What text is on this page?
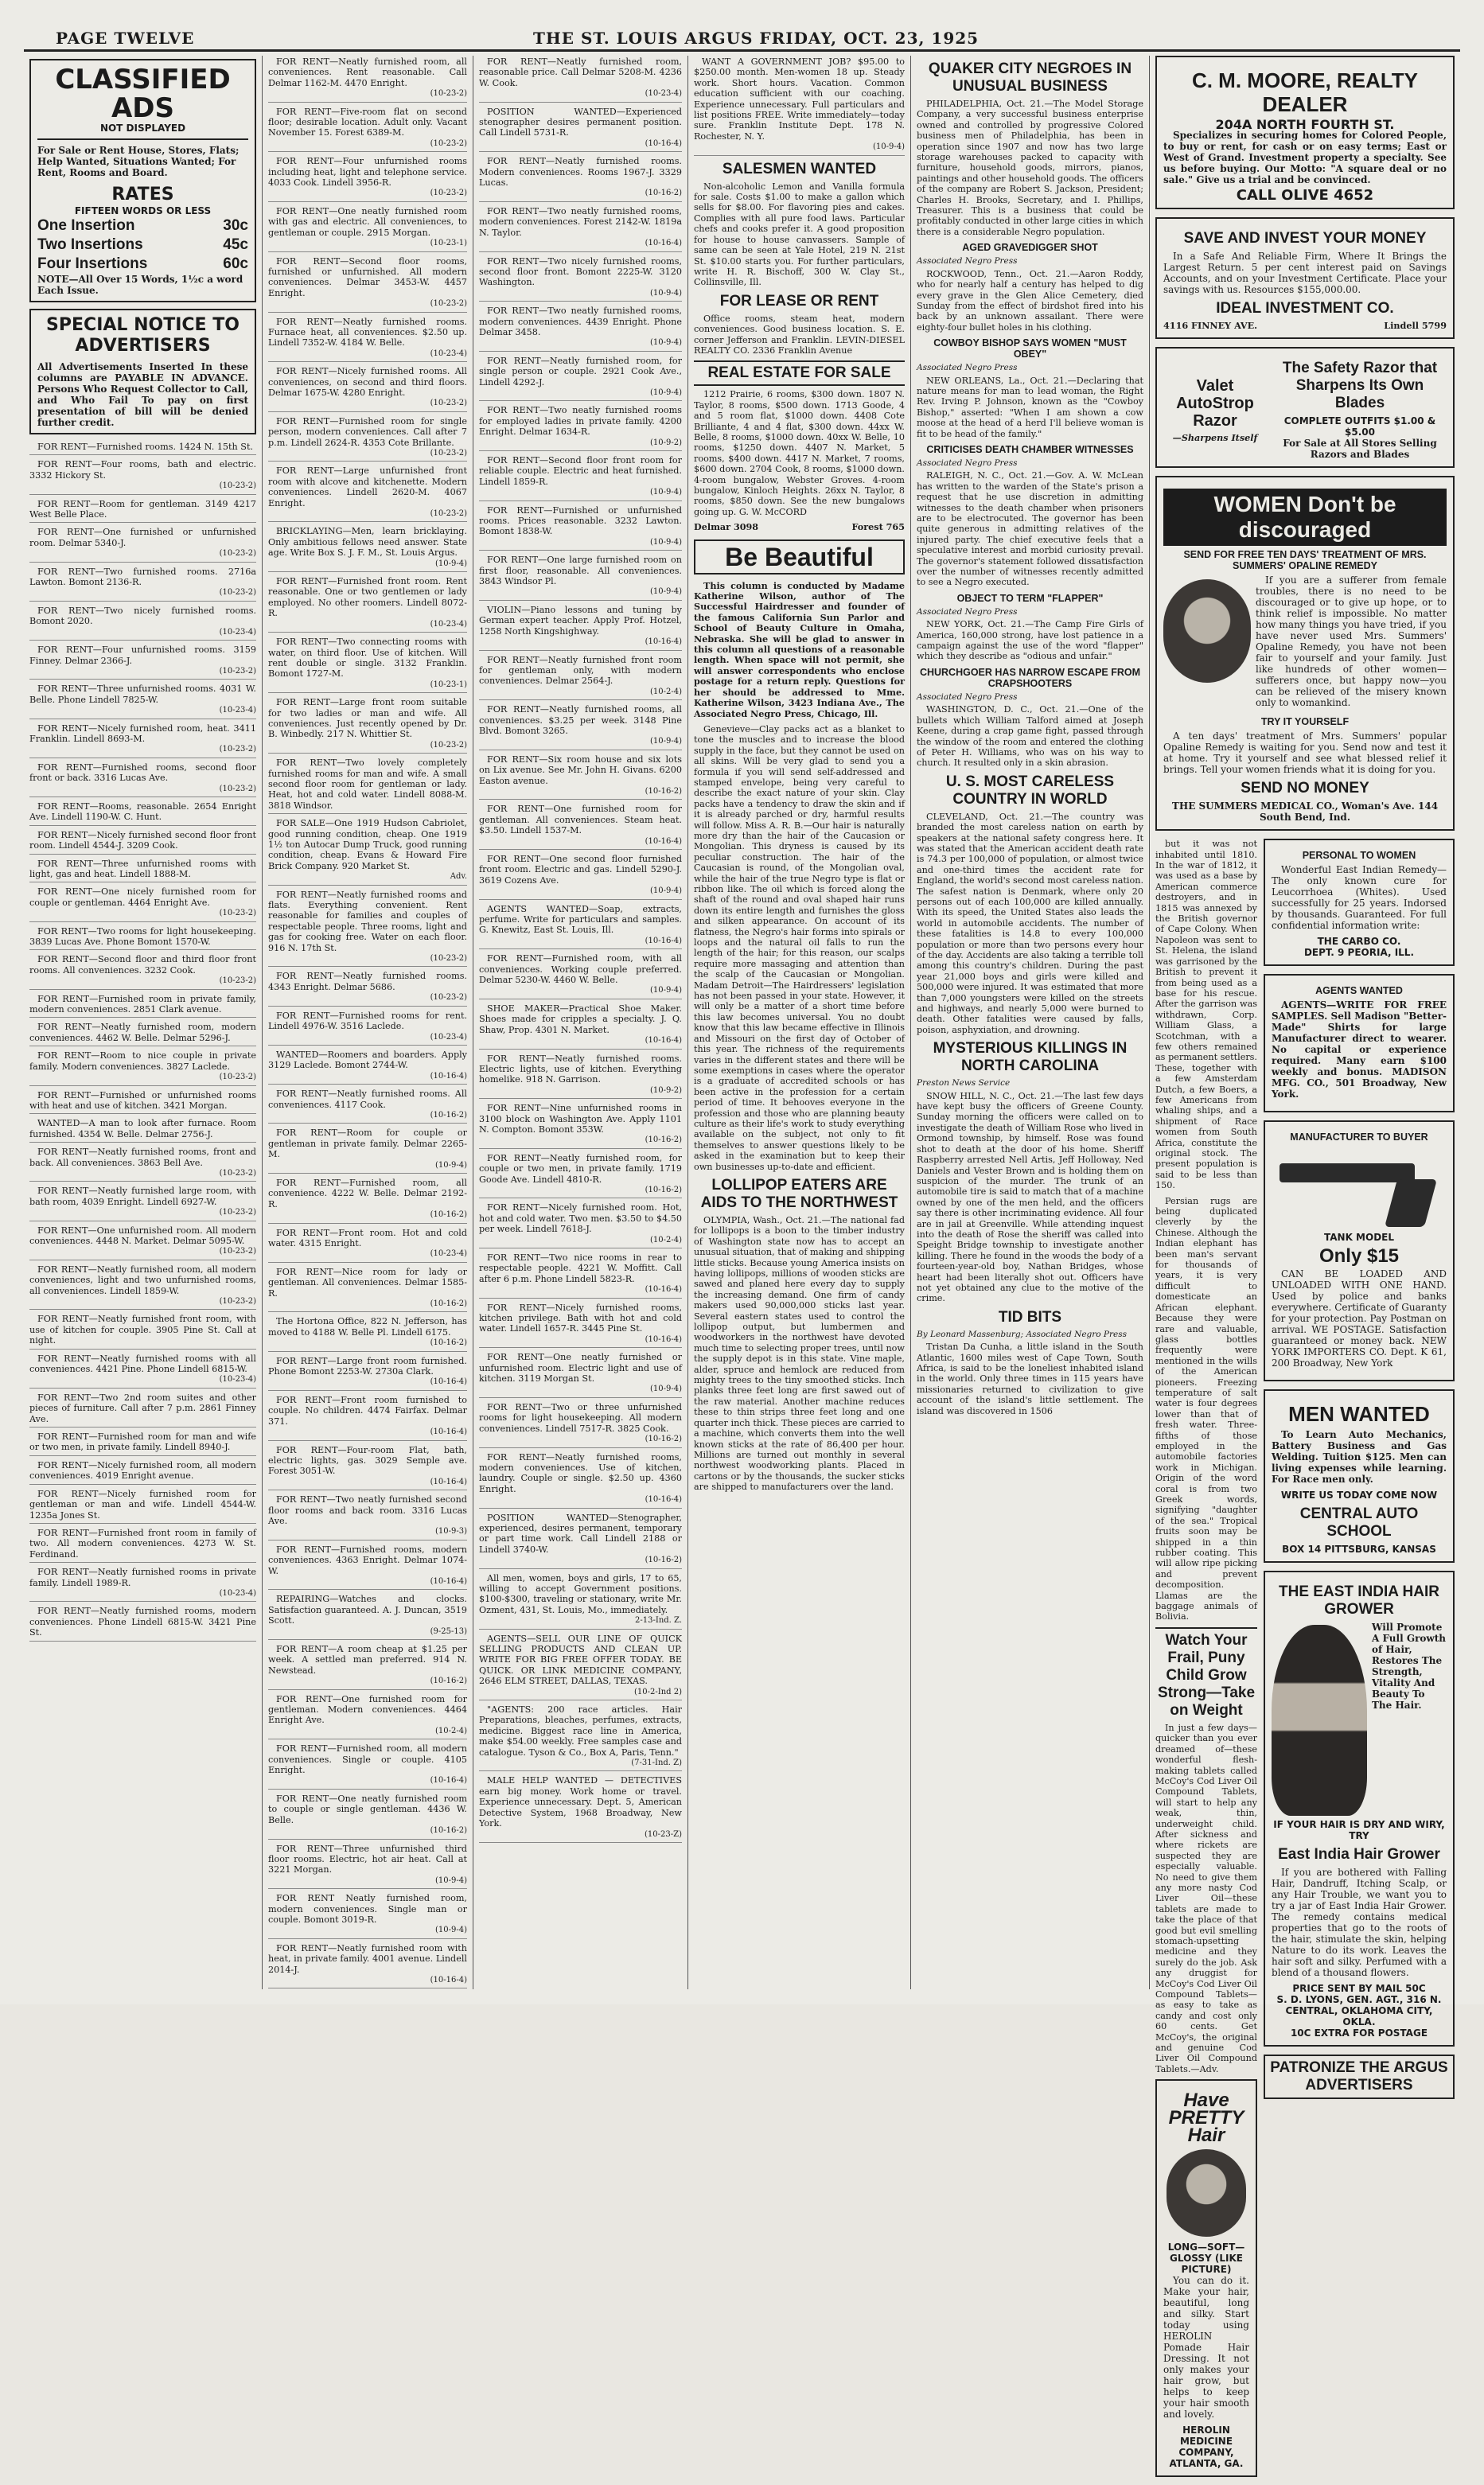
PAGE TWELVE	THE ST. LOUIS ARGUS FRIDAY, OCT. 23, 1925
CLASSIFIED ADS
NOT DISPLAYED
For Sale or Rent House, Stores, Flats; Help Wanted, Situations Wanted; For Rent, Rooms and Board.
RATES
FIFTEEN WORDS OR LESS
One Insertion	30c
Two Insertions	45c
Four Insertions	60c
NOTE—All Over 15 Words, 1½c a word Each Issue.
SPECIAL NOTICE TO ADVERTISERS
All Advertisements Inserted In these columns are PAYABLE IN ADVANCE. Persons Who Request Collector to Call, and Who Fail To pay on first presentation of bill will be denied further credit.
FOR RENT—Furnished rooms. 1424 N. 15th St.
FOR RENT—Four rooms, bath and electric. 3332 Hickory St.
(10-23-2)
FOR RENT—Room for gentleman. 3149 4217 West Belle Place.
FOR RENT—One furnished or unfurnished room. Delmar 5340-J.
(10-23-2)
FOR RENT—Two furnished rooms. 2716a Lawton. Bomont 2136-R.
(10-23-2)
FOR RENT—Two nicely furnished rooms. Bomont 2020.
(10-23-4)
FOR RENT—Four unfurnished rooms. 3159 Finney. Delmar 2366-J.
(10-23-2)
FOR RENT—Three unfurnished rooms. 4031 W. Belle. Phone Lindell 7825-W.
(10-23-4)
FOR RENT—Nicely furnished room, heat. 3411 Franklin. Lindell 8693-M.
(10-23-2)
FOR RENT—Furnished rooms, second floor front or back. 3316 Lucas Ave.
(10-23-2)
FOR RENT—Rooms, reasonable. 2654 Enright Ave. Lindell 1190-W. C. Hunt.
FOR RENT—Nicely furnished second floor front room. Lindell 4544-J. 3209 Cook.
FOR RENT—Three unfurnished rooms with light, gas and heat. Lindell 1888-M.
FOR RENT—One nicely furnished room for couple or gentleman. 4464 Enright Ave.
(10-23-2)
FOR RENT—Two rooms for light housekeeping. 3839 Lucas Ave. Phone Bomont 1570-W.
FOR RENT—Second floor and third floor front rooms. All conveniences. 3232 Cook.
(10-23-2)
FOR RENT—Furnished room in private family, modern conveniences. 2851 Clark avenue.
FOR RENT—Neatly furnished room, modern conveniences. 4462 W. Belle. Delmar 5296-J.
FOR RENT—Room to nice couple in private family. Modern conveniences. 3827 Laclede.
(10-23-2)
FOR RENT—Furnished or unfurnished rooms with heat and use of kitchen. 3421 Morgan.
WANTED—A man to look after furnace. Room furnished. 4354 W. Belle. Delmar 2756-J.
FOR RENT—Neatly furnished rooms, front and back. All conveniences. 3863 Bell Ave.
(10-23-2)
FOR RENT—Neatly furnished large room, with bath room, 4039 Enright. Lindell 6927-W.
(10-23-2)
FOR RENT—One unfurnished room. All modern conveniences. 4448 N. Market. Delmar 5095-W.
(10-23-2)
FOR RENT—Neatly furnished room, all modern conveniences, light and two unfurnished rooms, all conveniences. Lindell 1859-W.
(10-23-2)
FOR RENT—Neatly furnished front room, with use of kitchen for couple. 3905 Pine St. Call at night.
FOR RENT—Neatly furnished rooms with all conveniences. 4421 Pine. Phone Lindell 6815-W.
(10-23-4)
FOR RENT—Two 2nd room suites and other pieces of furniture. Call after 7 p.m. 2861 Finney Ave.
FOR RENT—Furnished room for man and wife or two men, in private family. Lindell 8940-J.
FOR RENT—Nicely furnished room, all modern conveniences. 4019 Enright avenue.
FOR RENT—Nicely furnished room for gentleman or man and wife. Lindell 4544-W. 1235a Jones St.
FOR RENT—Furnished front room in family of two. All modern conveniences. 4273 W. St. Ferdinand.
FOR RENT—Neatly furnished rooms in private family. Lindell 1989-R.
(10-23-4)
FOR RENT—Neatly furnished rooms, modern conveniences. Phone Lindell 6815-W. 3421 Pine St.
FOR RENT—Neatly furnished room, all conveniences. Rent reasonable. Call Delmar 1162-M. 4470 Enright.
(10-23-2)
FOR RENT—Five-room flat on second floor; desirable location. Adult only. Vacant November 15. Forest 6389-M.
(10-23-2)
FOR RENT—Four unfurnished rooms including heat, light and telephone service. 4033 Cook. Lindell 3956-R.
(10-23-2)
FOR RENT—One neatly furnished room with gas and electric. All conveniences, to gentleman or couple. 2915 Morgan.
(10-23-1)
FOR RENT—Second floor rooms, furnished or unfurnished. All modern conveniences. Delmar 3453-W. 4457 Enright.
(10-23-2)
FOR RENT—Neatly furnished rooms. Furnace heat, all conveniences. $2.50 up. Lindell 7352-W. 4184 W. Belle.
(10-23-4)
FOR RENT—Nicely furnished rooms. All conveniences, on second and third floors. Delmar 1675-W. 4280 Enright.
(10-23-2)
FOR RENT—Furnished room for single person, modern conveniences. Call after 7 p.m. Lindell 2624-R. 4353 Cote Brillante.
(10-23-2)
FOR RENT—Large unfurnished front room with alcove and kitchenette. Modern conveniences. Lindell 2620-M. 4067 Enright.
(10-23-2)
BRICKLAYING—Men, learn bricklaying. Only ambitious fellows need answer. State age. Write Box S. J. F. M., St. Louis Argus.
(10-9-4)
FOR RENT—Furnished front room. Rent reasonable. One or two gentlemen or lady employed. No other roomers. Lindell 8072-R.
(10-23-4)
FOR RENT—Two connecting rooms with water, on third floor. Use of kitchen. Will rent double or single. 3132 Franklin. Bomont 1727-M.
(10-23-1)
FOR RENT—Large front room suitable for two ladies or man and wife. All conveniences. Just recently opened by Dr. B. Winbedly. 217 N. Whittier St.
(10-23-2)
FOR RENT—Two lovely completely furnished rooms for man and wife. A small second floor room for gentleman or lady. Heat, hot and cold water. Lindell 8088-M. 3818 Windsor.
FOR SALE—One 1919 Hudson Cabriolet, good running condition, cheap. One 1919 1½ ton Autocar Dump Truck, good running condition, cheap. Evans & Howard Fire Brick Company. 920 Market St.
Adv.
FOR RENT—Neatly furnished rooms and flats. Everything convenient. Rent reasonable for families and couples of respectable people. Three rooms, light and gas for cooking free. Water on each floor. 916 N. 17th St.
(10-23-2)
FOR RENT—Neatly furnished rooms. 4343 Enright. Delmar 5686.
(10-23-2)
FOR RENT—Furnished rooms for rent. Lindell 4976-W. 3516 Laclede.
(10-23-4)
WANTED—Roomers and boarders. Apply 3129 Laclede. Bomont 2744-W.
(10-16-4)
FOR RENT—Neatly furnished rooms. All conveniences. 4117 Cook.
(10-16-2)
FOR RENT—Room for couple or gentleman in private family. Delmar 2265-M.
(10-9-4)
FOR RENT—Furnished room, all convenience. 4222 W. Belle. Delmar 2192-R.
(10-16-2)
FOR RENT—Front room. Hot and cold water. 4315 Enright.
(10-23-4)
FOR RENT—Nice room for lady or gentleman. All conveniences. Delmar 1585-R.
(10-16-2)
The Hortona Office, 822 N. Jefferson, has moved to 4188 W. Belle Pl. Lindell 6175.
(10-16-2)
FOR RENT—Large front room furnished. Phone Bomont 2253-W. 2730a Clark.
(10-16-4)
FOR RENT—Front room furnished to couple. No children. 4474 Fairfax. Delmar 371.
(10-16-4)
FOR RENT—Four-room Flat, bath, electric lights, gas. 3029 Semple ave. Forest 3051-W.
(10-16-4)
FOR RENT—Two neatly furnished second floor rooms and back room. 3316 Lucas Ave.
(10-9-3)
FOR RENT—Furnished rooms, modern conveniences. 4363 Enright. Delmar 1074-W.
(10-16-4)
REPAIRING—Watches and clocks. Satisfaction guaranteed. A. J. Duncan, 3519 Scott.
(9-25-13)
FOR RENT—A room cheap at $1.25 per week. A settled man preferred. 914 N. Newstead.
(10-16-2)
FOR RENT—One furnished room for gentleman. Modern conveniences. 4464 Enright Ave.
(10-2-4)
FOR RENT—Furnished room, all modern conveniences. Single or couple. 4105 Enright.
(10-16-4)
FOR RENT—One neatly furnished room to couple or single gentleman. 4436 W. Belle.
(10-16-2)
FOR RENT—Three unfurnished third floor rooms. Electric, hot air heat. Call at 3221 Morgan.
(10-9-4)
FOR RENT Neatly furnished room, modern conveniences. Single man or couple. Bomont 3019-R.
(10-9-4)
FOR RENT—Neatly furnished room with heat, in private family. 4001 avenue. Lindell 2014-J.
(10-16-4)
FOR RENT—Neatly furnished room, reasonable price. Call Delmar 5208-M. 4236 W. Cook.
(10-23-4)
POSITION WANTED—Experienced stenographer desires permanent position. Call Lindell 5731-R.
(10-16-4)
FOR RENT—Neatly furnished rooms. Modern conveniences. Rooms 1967-J. 3329 Lucas.
(10-16-2)
FOR RENT—Two neatly furnished rooms, modern conveniences. Forest 2142-W. 1819a N. Taylor.
(10-16-4)
FOR RENT—Two nicely furnished rooms, second floor front. Bomont 2225-W. 3120 Washington.
(10-9-4)
FOR RENT—Two neatly furnished rooms, modern conveniences. 4439 Enright. Phone Delmar 3458.
(10-9-4)
FOR RENT—Neatly furnished room, for single person or couple. 2921 Cook Ave., Lindell 4292-J.
(10-9-4)
FOR RENT—Two neatly furnished rooms for employed ladies in private family. 4200 Enright. Delmar 1634-R.
(10-9-2)
FOR RENT—Second floor front room for reliable couple. Electric and heat furnished. Lindell 1859-R.
(10-9-4)
FOR RENT—Furnished or unfurnished rooms. Prices reasonable. 3232 Lawton. Bomont 1838-W.
(10-9-4)
FOR RENT—One large furnished room on first floor, reasonable. All conveniences. 3843 Windsor Pl.
(10-9-4)
VIOLIN—Piano lessons and tuning by German expert teacher. Apply Prof. Hotzel, 1258 North Kingshighway.
(10-16-4)
FOR RENT—Neatly furnished front room for gentleman only, with modern conveniences. Delmar 2564-J.
(10-2-4)
FOR RENT—Neatly furnished rooms, all conveniences. $3.25 per week. 3148 Pine Blvd. Bomont 3265.
(10-9-4)
FOR RENT—Six room house and six lots on Lix avenue. See Mr. John H. Givans. 6200 Easton avenue.
(10-16-2)
FOR RENT—One furnished room for gentleman. All conveniences. Steam heat. $3.50. Lindell 1537-M.
(10-16-4)
FOR RENT—One second floor furnished front room. Electric and gas. Lindell 5290-J. 3619 Cozens Ave.
(10-9-4)
AGENTS WANTED—Soap, extracts, perfume. Write for particulars and samples. G. Knewitz, East St. Louis, Ill.
(10-16-4)
FOR RENT—Furnished room, with all conveniences. Working couple preferred. Delmar 5230-W. 4460 W. Belle.
(10-9-4)
SHOE MAKER—Practical Shoe Maker. Shoes made for cripples a specialty. J. Q. Shaw, Prop. 4301 N. Market.
(10-16-4)
FOR RENT—Neatly furnished rooms. Electric lights, use of kitchen. Everything homelike. 918 N. Garrison.
(10-9-2)
FOR RENT—Nine unfurnished rooms in 3100 block on Washington Ave. Apply 1101 N. Compton. Bomont 353W.
(10-16-2)
FOR RENT—Neatly furnished room, for couple or two men, in private family. 1719 Goode Ave. Lindell 4810-R.
(10-16-2)
FOR RENT—Nicely furnished room. Hot, hot and cold water. Two men. $3.50 to $4.50 per week. Lindell 7618-J.
(10-2-4)
FOR RENT—Two nice rooms in rear to respectable people. 4221 W. Moffitt. Call after 6 p.m. Phone Lindell 5823-R.
(10-16-4)
FOR RENT—Nicely furnished rooms, kitchen privilege. Bath with hot and cold water. Lindell 1657-R. 3445 Pine St.
(10-16-4)
FOR RENT—One neatly furnished or unfurnished room. Electric light and use of kitchen. 3119 Morgan St.
(10-9-4)
FOR RENT—Two or three unfurnished rooms for light housekeeping. All modern conveniences. Lindell 7517-R. 3825 Cook.
(10-16-2)
FOR RENT—Neatly furnished rooms, modern conveniences. Use of kitchen, laundry. Couple or single. $2.50 up. 4360 Enright.
(10-16-4)
POSITION WANTED—Stenographer, experienced, desires permanent, temporary or part time work. Call Lindell 2188 or Lindell 3740-W.
(10-16-2)
All men, women, boys and girls, 17 to 65, willing to accept Government positions. $100-$300, traveling or stationary, write Mr. Ozment, 431, St. Louis, Mo., immediately.
2-13-Ind. Z.
AGENTS—SELL OUR LINE OF QUICK SELLING PRODUCTS AND CLEAN UP. WRITE FOR BIG FREE OFFER TODAY. BE QUICK. OR LINK MEDICINE COMPANY, 2646 ELM STREET, DALLAS, TEXAS.
(10-2-Ind 2)
"AGENTS: 200 race articles. Hair Preparations, bleaches, perfumes, extracts, medicine. Biggest race line in America, make $54.00 weekly. Free samples case and catalogue. Tyson & Co., Box A, Paris, Tenn."
(7-31-Ind. Z)
MALE HELP WANTED — DETECTIVES earn big money. Work home or travel. Experience unnecessary. Dept. 5, American Detective System, 1968 Broadway, New York.
(10-23-Z)
WANT A GOVERNMENT JOB? $95.00 to $250.00 month. Men-women 18 up. Steady work. Short hours. Vacation. Common education sufficient with our coaching. Experience unnecessary. Full particulars and list positions FREE. Write immediately—today sure. Franklin Institute Dept. 178 N. Rochester, N. Y.
(10-9-4)
SALESMEN WANTED

Non-alcoholic Lemon and Vanilla formula for sale. Costs $1.00 to make a gallon which sells for $8.00. For flavoring pies and cakes. Complies with all pure food laws. Particular chefs and cooks prefer it. A good proposition for house to house canvassers. Sample of same can be seen at Yale Hotel, 219 N. 21st St. $10.00 starts you. For further particulars, write H. R. Bischoff, 300 W. Clay St., Collinsville, Ill.

FOR LEASE OR RENT

Office rooms, steam heat, modern conveniences. Good business location. S. E. corner Jefferson and Franklin. LEVIN-DIESEL REALTY CO. 2336 Franklin Avenue

REAL ESTATE FOR SALE

1212 Prairie, 6 rooms, $300 down. 1807 N. Taylor, 8 rooms, $500 down. 1713 Goode, 4 and 5 room flat, $1000 down. 4408 Cote Brilliante, 4 and 4 flat, $300 down. 44xx W. Belle, 8 rooms, $1000 down. 40xx W. Belle, 10 rooms, $1250 down. 4407 N. Market, 5 rooms, $400 down. 4417 N. Market, 7 rooms, $600 down. 2704 Cook, 8 rooms, $1000 down. 4-room bungalow, Webster Groves. 4-room bungalow, Kinloch Heights. 26xx N. Taylor, 8 rooms, $850 down. See the new bungalows going up. G. W. McCORD

Delmar 3098	Forest 765
Be Beautiful

This column is conducted by Madame Katherine Wilson, author of The Successful Hairdresser and founder of the famous California Sun Parlor and School of Beauty Culture in Omaha, Nebraska. She will be glad to answer in this column all questions of a reasonable length. When space will not permit, she will answer correspondents who enclose postage for a return reply. Questions for her should be addressed to Mme. Katherine Wilson, 3423 Indiana Ave., The Associated Negro Press, Chicago, Ill.

Genevieve—Clay packs act as a blanket to tone the muscles and to increase the blood supply in the face, but they cannot be used on all skins. Will be very glad to send you a formula if you will send self-addressed and stamped envelope, being very careful to describe the exact nature of your skin. Clay packs have a tendency to draw the skin and if it is already parched or dry, harmful results will follow. Miss A. R. B.—Our hair is naturally more dry than the hair of the Caucasion or Mongolian. This dryness is caused by its peculiar construction. The hair of the Caucasian is round, of the Mongolian oval, while the hair of the true Negro type is flat or ribbon like. The oil which is forced along the shaft of the round and oval shaped hair runs down its entire length and furnishes the gloss and silken appearance. On account of its flatness, the Negro's hair forms into spirals or loops and the natural oil falls to run the length of the hair; for this reason, our scalps require more massaging and attention than the scalp of the Caucasian or Mongolian. Madam Detroit—The Hairdressers' legislation has not been passed in your state. However, it will only be a matter of a short time before this law becomes universal. You no doubt know that this law became effective in Illinois and Missouri on the first day of October of this year. The richness of the requirements varies in the different states and there will be some exemptions in cases where the operator is a graduate of accredited schools or has been active in the profession for a certain period of time. It behooves everyone in the profession and those who are planning beauty culture as their life's work to study everything available on the subject, not only to fit themselves to answer questions likely to be asked in the examination but to keep their own businesses up-to-date and efficient.

LOLLIPOP EATERS ARE AIDS TO THE NORTHWEST

OLYMPIA, Wash., Oct. 21.—The national fad for lollipops is a boon to the timber industry of Washington state now has to accept an unusual situation, that of making and shipping little sticks. Because young America insists on having lollipops, millions of wooden sticks are sawed and planed here every day to supply the increasing demand. One firm of candy makers used 90,000,000 sticks last year. Several eastern states used to control the lollipop output, but lumbermen and woodworkers in the northwest have devoted much time to selecting proper trees, until now the supply depot is in this state. Vine maple, alder, spruce and hemlock are reduced from mighty trees to the tiny smoothed sticks. Inch planks three feet long are first sawed out of the raw material. Another machine reduces these to thin strips three feet long and one quarter inch thick. These pieces are carried to a machine, which converts them into the well known sticks at the rate of 86,400 per hour. Millions are turned out monthly in several northwest woodworking plants. Placed in cartons or by the thousands, the sucker sticks are shipped to manufacturers over the land.

QUAKER CITY NEGROES IN UNUSUAL BUSINESS

PHILADELPHIA, Oct. 21.—The Model Storage Company, a very successful business enterprise owned and controlled by progressive Colored business men of Philadelphia, has been in operation since 1907 and now has two large storage warehouses packed to capacity with furniture, household goods, mirrors, pianos, paintings and other household goods. The officers of the company are Robert S. Jackson, President; Charles H. Brooks, Secretary, and I. Phillips, Treasurer. This is a business that could be profitably conducted in other large cities in which there is a considerable Negro population.

AGED GRAVEDIGGER SHOT
Associated Negro Press

ROCKWOOD, Tenn., Oct. 21.—Aaron Roddy, who for nearly half a century has helped to dig every grave in the Glen Alice Cemetery, died Sunday from the effect of birdshot fired into his back by an unknown assailant. There were eighty-four bullet holes in his clothing.

COWBOY BISHOP SAYS WOMEN "MUST OBEY"
Associated Negro Press

NEW ORLEANS, La., Oct. 21.—Declaring that nature means for man to lead woman, the Right Rev. Irving P. Johnson, known as the "Cowboy Bishop," asserted: "When I am shown a cow moose at the head of a herd I'll believe woman is fit to be head of the family."

CRITICISES DEATH CHAMBER WITNESSES
Associated Negro Press

RALEIGH, N. C., Oct. 21.—Gov. A. W. McLean has written to the warden of the State's prison a request that he use discretion in admitting witnesses to the death chamber when prisoners are to be electrocuted. The governor has been quite generous in admitting relatives of the injured party. The chief executive feels that a speculative interest and morbid curiosity prevail. The governor's statement followed dissatisfaction over the number of witnesses recently admitted to see a Negro executed.

OBJECT TO TERM "FLAPPER"
Associated Negro Press

NEW YORK, Oct. 21.—The Camp Fire Girls of America, 160,000 strong, have lost patience in a campaign against the use of the word "flapper" which they describe as "odious and unfair."

CHURCHGOER HAS NARROW ESCAPE FROM CRAPSHOOTERS
Associated Negro Press

WASHINGTON, D. C., Oct. 21.—One of the bullets which William Talford aimed at Joseph Keene, during a crap game fight, passed through the window of the room and entered the clothing of Peter H. Williams, who was on his way to church. It resulted only in a skin abrasion.

U. S. MOST CARELESS COUNTRY IN WORLD

CLEVELAND, Oct. 21.—The country was branded the most careless nation on earth by speakers at the national safety congress here. It was stated that the American accident death rate is 74.3 per 100,000 of population, or almost twice and one-third times the accident rate for England, the world's second most careless nation. The safest nation is Denmark, where only 20 persons out of each 100,000 are killed annually. With its speed, the United States also leads the world in automobile accidents. The number of these fatalities is 14.8 to every 100,000 population or more than two persons every hour of the day. Accidents are also taking a terrible toll among this country's children. During the past year 21,000 boys and girls were killed and 500,000 were injured. It was estimated that more than 7,000 youngsters were killed on the streets and highways, and nearly 5,000 were burned to death. Other fatalities were caused by falls, poison, asphyxiation, and drowning.

MYSTERIOUS KILLINGS IN NORTH CAROLINA
Preston News Service

SNOW HILL, N. C., Oct. 21.—The last few days have kept busy the officers of Greene County. Sunday morning the officers were called on to investigate the death of William Rose who lived in Ormond township, by himself. Rose was found shot to death at the door of his home. Sheriff Raspberry arrested Nell Artis, Jeff Holloway, Ned Daniels and Vester Brown and is holding them on suspicion of the murder. The trunk of an automobile tire is said to match that of a machine owned by one of the men held, and the officers say there is other incriminating evidence. All four are in jail at Greenville. While attending inquest into the death of Rose the sheriff was called into Speight Bridge township to investigate another killing. There he found in the woods the body of a fourteen-year-old boy, Nathan Bridges, whose heart had been literally shot out. Officers have not yet obtained any clue to the motive of the crime.

TID BITS
By Leonard Massenburg; Associated Negro Press

Tristan Da Cunha, a little island in the South Atlantic, 1600 miles west of Cape Town, South Africa, is said to be the loneliest inhabited island in the world. Only three times in 115 years have missionaries returned to civilization to give account of the island's little settlement. The island was discovered in 1506

C. M. MOORE, REALTY DEALER
204A NORTH FOURTH ST.

Specializes in securing homes for Colored People, to buy or rent, for cash or on easy terms; East or West of Grand. Investment property a specialty. See us before buying. Our Motto: "A square deal or no sale." Give us a trial and be convinced.

CALL OLIVE 4652
SAVE AND INVEST YOUR MONEY

In a Safe And Reliable Firm, Where It Brings the Largest Return. 5 per cent interest paid on Savings Accounts, and on your Investment Certificate. Place your savings with us. Resources $155,000.00.

IDEAL INVESTMENT CO.
4116 FINNEY AVE.	Lindell 5799
Valet AutoStrop Razor
—Sharpens Itself
The Safety Razor that Sharpens Its Own Blades
COMPLETE OUTFITS $1.00 & $5.00
For Sale at All Stores Selling Razors and Blades
WOMEN Don't be discouraged
SEND FOR FREE TEN DAYS' TREATMENT OF MRS. SUMMERS' OPALINE REMEDY

If you are a sufferer from female troubles, there is no need to be discouraged or to give up hope, or to think relief is impossible. No matter how many things you have tried, if you have never used Mrs. Summers' Opaline Remedy, you have not been fair to yourself and your family. Just like hundreds of other women—sufferers once, but happy now—you can be relieved of the misery known only to womankind.

TRY IT YOURSELF

A ten days' treatment of Mrs. Summers' popular Opaline Remedy is waiting for you. Send now and test it at home. Try it yourself and see what blessed relief it brings. Tell your women friends what it is doing for you.

SEND NO MONEY
THE SUMMERS MEDICAL CO., Woman's Ave. 144 South Bend, Ind.

but it was not inhabited until 1810. In the war of 1812, it was used as a base by American commerce destroyers, and in 1815 was annexed by the British governor of Cape Colony. When Napoleon was sent to St. Helena, the island was garrisoned by the British to prevent it from being used as a base for his rescue. After the garrison was withdrawn, Corp. William Glass, a Scotchman, with a few others remained as permanent settlers. These, together with a few Amsterdam Dutch, a few Boers, a few Americans from whaling ships, and a shipment of Race women from South Africa, constitute the original stock. The present population is said to be less than 150.

Persian rugs are being duplicated cleverly by the Chinese. Although the Indian elephant has been man's servant for thousands of years, it is very difficult to domesticate an African elephant. Because they were rare and valuable, glass bottles frequently were mentioned in the wills of the American pioneers. Freezing temperature of salt water is four degrees lower than that of fresh water. Three-fifths of those employed in the automobile factories work in Michigan. Origin of the word coral is from two Greek words, signifying "daughter of the sea." Tropical fruits soon may be shipped in a thin rubber coating. This will allow ripe picking and prevent decomposition. Llamas are the baggage animals of Bolivia.

Watch Your Frail, Puny Child Grow Strong—Take on Weight

In just a few days—quicker than you ever dreamed of—these wonderful flesh-making tablets called McCoy's Cod Liver Oil Compound Tablets, will start to help any weak, thin, underweight child. After sickness and where rickets are suspected they are especially valuable. No need to give them any more nasty Cod Liver Oil—these tablets are made to take the place of that good but evil smelling stomach-upsetting medicine and they surely do the job. Ask any druggist for McCoy's Cod Liver Oil Compound Tablets—as easy to take as candy and cost only 60 cents. Get McCoy's, the original and genuine Cod Liver Oil Compound Tablets.—Adv.

Have PRETTY Hair
LONG—SOFT—GLOSSY (LIKE PICTURE)

You can do it. Make your hair, beautiful, long and silky. Start today using HEROLIN Pomade Hair Dressing. It not only makes your hair grow, but helps to keep your hair smooth and lovely.

HEROLIN MEDICINE COMPANY, ATLANTA, GA.
PERSONAL TO WOMEN

Wonderful East Indian Remedy—The only known cure for Leucorrhoea (Whites). Used successfully for 25 years. Indorsed by thousands. Guaranteed. For full confidential information write:

THE CARBO CO.
DEPT. 9 PEORIA, ILL.
AGENTS WANTED

AGENTS—WRITE FOR FREE SAMPLES. Sell Madison "Better-Made" Shirts for large Manufacturer direct to wearer. No capital or experience required. Many earn $100 weekly and bonus. MADISON MFG. CO., 501 Broadway, New York.

MANUFACTURER TO BUYER
TANK MODEL
Only $15

CAN BE LOADED AND UNLOADED WITH ONE HAND. Used by police and banks everywhere. Certificate of Guaranty for your protection. Pay Postman on arrival. WE POSTAGE. Satisfaction guaranteed or money back. NEW YORK IMPORTERS CO. Dept. K 61, 200 Broadway, New York

MEN WANTED

To Learn Auto Mechanics, Battery Business and Gas Welding. Tuition $125. Men can living expenses while learning. For Race men only.

WRITE US TODAY COME NOW
CENTRAL AUTO SCHOOL
BOX 14 PITTSBURG, KANSAS
THE EAST INDIA HAIR GROWER
Will Promote A Full Growth of Hair, Restores The Strength, Vitality And Beauty To The Hair.
IF YOUR HAIR IS DRY AND WIRY, TRY
East India Hair Grower

If you are bothered with Falling Hair, Dandruff, Itching Scalp, or any Hair Trouble, we want you to try a jar of East India Hair Grower. The remedy contains medical properties that go to the roots of the hair, stimulate the skin, helping Nature to do its work. Leaves the hair soft and silky. Perfumed with a blend of a thousand flowers.

PRICE SENT BY MAIL 50C
S. D. LYONS, GEN. AGT., 316 N. CENTRAL, OKLAHOMA CITY, OKLA.
10C EXTRA FOR POSTAGE
PATRONIZE THE ARGUS ADVERTISERS
